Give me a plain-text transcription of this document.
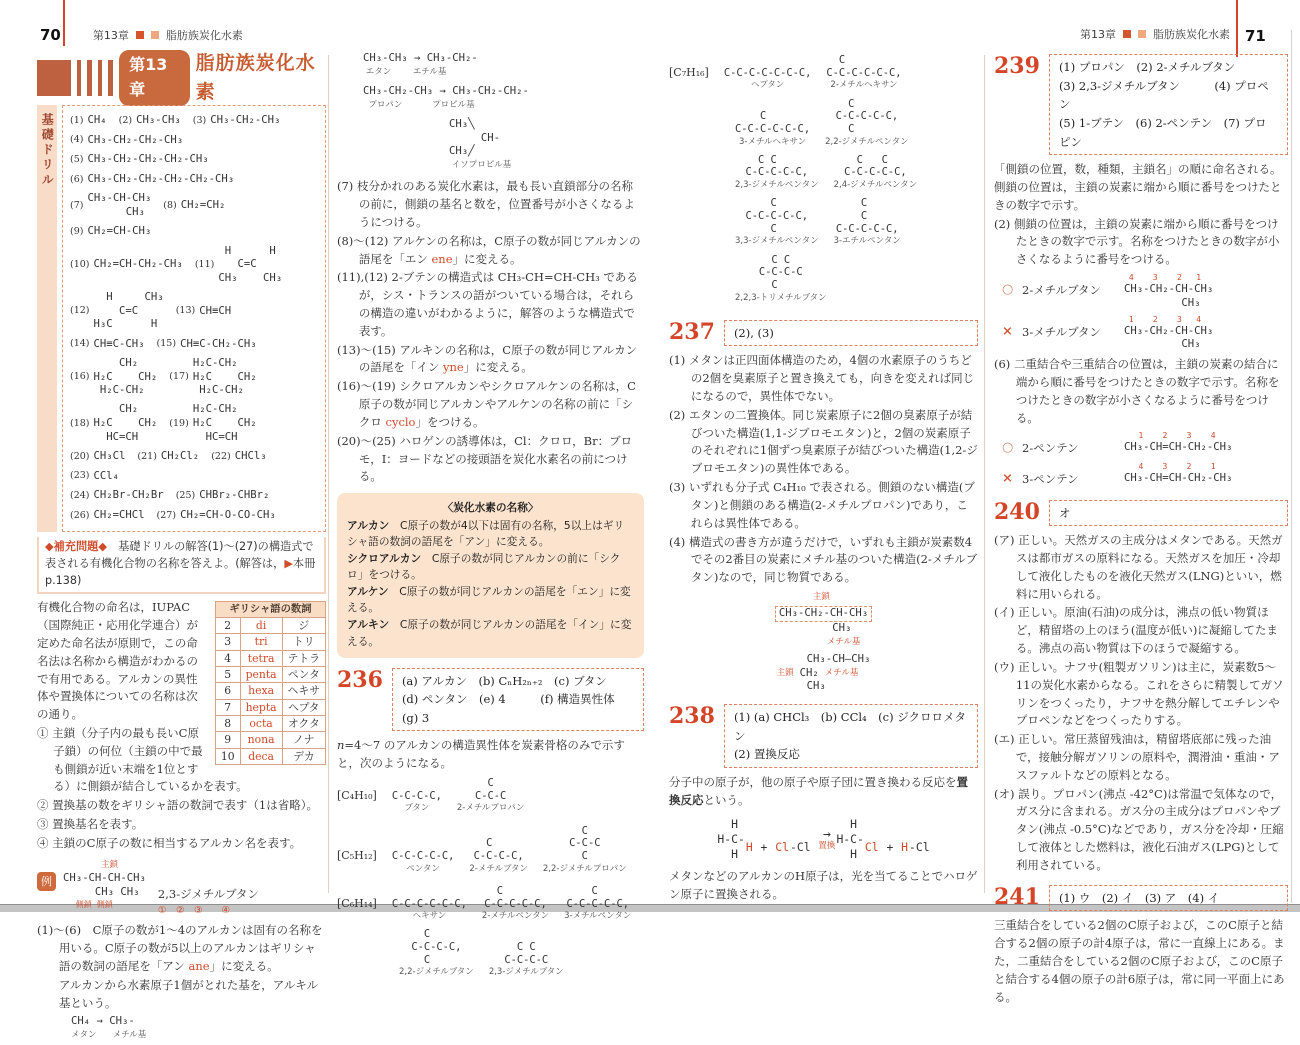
70	第13章	脂肪族炭化水素	第13章	脂肪族炭化水素 71
第13章
脂肪族炭化水素
基礎ドリル (1) CH₄ (2) CH₃-CH₃ (3) CH₃-CH₂-CH₃
(4) CH₃-CH₂-CH₂-CH₃
(5) CH₃-CH₂-CH₂-CH₂-CH₃
(6) CH₃-CH₂-CH₂-CH₂-CH₂-CH₃
(7)
CH₃-CH-CH₃
CH₃
(8) CH₂=CH₂
(9) CH₂=CH-CH₃
(10) CH₂=CH-CH₂-CH₃ (11)
H      H
C=C
CH₃    CH₃
(12)
H     CH₃
C=C
H₃C      H
(13) CH≡CH
(14) CH≡C-CH₃ (15) CH≡C-CH₂-CH₃
(16)
CH₂
H₂C    CH₂
H₂C-CH₂
(17)
H₂C-CH₂
H₂C    CH₂
H₂C-CH₂
(18)
CH₂
H₂C    CH₂
HC=CH
(19)
H₂C-CH₂
H₂C    CH₂
HC=CH
(20) CH₃Cl (21) CH₂Cl₂ (22) CHCl₃
(23) CCl₄
(24) CH₂Br-CH₂Br (25) CHBr₂-CHBr₂
(26) CH₂=CHCl (27) CH₂=CH-O-CO-CH₃
◆補充問題◆　基礎ドリルの解答(1)～(27)の構造式で表される有機化合物の名称を答えよ。(解答は，▶本冊 p.138)
ギリシャ語の数詞		
2	di	ジ
3	tri	トリ
4	tetra	テトラ
5	penta	ペンタ
6	hexa	ヘキサ
7	hepta	ヘプタ
8	octa	オクタ
9	nona	ノナ
10	deca	デカ
有機化合物の命名は，IUPAC（国際純正・応用化学連合）が定めた命名法が原則で，この命名法は名称から構造がわかるので有用である。アルカンの異性体や置換体についての名称は次の通り。
① 主鎖（分子内の最も長いC原子鎖）の何位（主鎖の中で最も側鎖が近い末端を1位とする）に側鎖が結合しているかを表す。
② 置換基の数をギリシャ語の数詞で表す（1は省略）。
③ 置換基名を表す。
④ 主鎖のC原子の数に相当するアルカン名を表す。
例
主鎖
CH₃-CH-CH-CH₃
CH₃ CH₃
側鎖  側鎖
2,3-ジメチルブタン
①　②　③　　④
(1)～(6)　C原子の数が1～4のアルカンは固有の名称を用いる。C原子の数が5以上のアルカンはギリシャ語の数詞の語尾を「アン ane」に変える。
アルカンから水素原子1個がとれた基を，アルキル基という。
CH₄ → CH₃-
メタン      メチル基
CH₃-CH₃ → CH₃-CH₂-
エタン        エチル基
CH₃-CH₂-CH₃ → CH₃-CH₂-CH₂-
プロパン           プロピル基
CH₃╲
CH-
CH₃╱
イソプロピル基
(7) 枝分かれのある炭化水素は，最も長い直鎖部分の名称の前に，側鎖の基名と数を，位置番号が小さくなるようにつける。
(8)～(12) アルケンの名称は，C原子の数が同じアルカンの語尾を「エン ene」に変える。
(11),(12) 2-ブテンの構造式は CH₃-CH=CH-CH₃ であるが，シス・トランスの語がついている場合は，それらの構造の違いがわかるように，解答のような構造式で表す。
(13)～(15) アルキンの名称は，C原子の数が同じアルカンの語尾を「イン yne」に変える。
(16)～(19) シクロアルカンやシクロアルケンの名称は，C原子の数が同じアルカンやアルケンの名称の前に「シクロ cyclo」をつける。
(20)～(25) ハロゲンの誘導体は，Cl：クロロ，Br：ブロモ，I：ヨードなどの接頭語を炭化水素名の前につける。
〈炭化水素の名称〉
アルカン　C原子の数が4以下は固有の名称，5以上はギリシャ語の数詞の語尾を「アン」に変える。
シクロアルカン　C原子の数が同じアルカンの前に「シクロ」をつける。
アルケン　C原子の数が同じアルカンの語尾を「エン」に変える。
アルキン　C原子の数が同じアルカンの語尾を「イン」に変える。
236	(a) アルカン　(b) CₙH₂ₙ₊₂　(c) ブタン
(d) ペンタン　(e) 4　　　(f) 構造異性体
(g) 3
n=4～7 のアルカンの構造異性体を炭素骨格のみで示すと，次のようになる。
[C₄H₁₀]
C-C-C-C,
ブタン
C
C-C-C
2-メチルプロパン
[C₅H₁₂]
C-C-C-C-C,
ペンタン
C
C-C-C-C,
2-メチルブタン
C
C-C-C
C
2,2-ジメチルプロパン
[C₆H₁₄]
C-C-C-C-C-C,
ヘキサン
C
C-C-C-C-C,
2-メチルペンタン
C
C-C-C-C-C,
3-メチルペンタン
C
C-C-C-C,
C
2,2-ジメチルブタン
C C
C-C-C-C
2,3-ジメチルブタン
[C₇H₁₆]
C-C-C-C-C-C-C,
ヘプタン
C
C-C-C-C-C-C,
2-メチルヘキサン
C
C-C-C-C-C-C,
3-メチルヘキサン
C
C-C-C-C-C,
C
2,2-ジメチルペンタン
C C
C-C-C-C-C,
2,3-ジメチルペンタン
C   C
C-C-C-C-C,
2,4-ジメチルペンタン
C
C-C-C-C-C,
C
3,3-ジメチルペンタン
C
C
C-C-C-C-C,
3-エチルペンタン
C C
C-C-C-C
C
2,2,3-トリメチルブタン
237	(2), (3)
(1) メタンは正四面体構造のため，4個の水素原子のうちどの2個を臭素原子と置き換えても，向きを変えれば同じになるので，異性体でない。
(2) エタンの二置換体。同じ炭素原子に2個の臭素原子が結びついた構造(1,1-ジブロモエタン)と，2個の炭素原子のそれぞれに1個ずつ臭素原子が結びついた構造(1,2-ジブロモエタン)の異性体である。
(3) いずれも分子式 C₄H₁₀ で表される。側鎖のない構造(ブタン)と側鎖のある構造(2-メチルプロパン)であり，これらは異性体である。
(4) 構造式の書き方が違うだけで，いずれも主鎖が炭素数4でその2番目の炭素にメチル基のついた構造(2-メチルブタン)なので，同じ物質である。
主鎖
CH₃-CH₂-CH-CH₃
CH₃
メチル基
CH₃-CH—CH₃
主鎖 CH₂ メチル基
CH₃
238	(1) (a) CHCl₃　(b) CCl₄　(c) ジクロロメタン
(2) 置換反応
分子中の原子が，他の原子や原子団に置き換わる反応を置換反応という。
H
H-C-
H

H
+
Cl
-Cl

→
置換
H
H-C-
H

Cl
+
H
-Cl

メタンなどのアルカンのH原子は，光を当てることでハロゲン原子に置換される。
239	(1) プロパン　(2) 2-メチルブタン
(3) 2,3-ジメチルブタン　　　(4) プロペン
(5) 1-ブテン　(6) 2-ペンテン　(7) プロピン
「側鎖の位置，数，種類，主鎖名」の順に命名される。側鎖の位置は，主鎖の炭素に端から順に番号をつけたときの数字で示す。
(2) 側鎖の位置は，主鎖の炭素に端から順に番号をつけたときの数字で示す。名称をつけたときの数字が小さくなるように番号をつける。
○ 2-メチルブタン
4    3    2   1
CH₃-CH₂-CH-CH₃
CH₃
× 3-メチルブタン
1    2    3   4
CH₃-CH₂-CH-CH₃
CH₃
(6) 二重結合や三重結合の位置は，主鎖の炭素の結合に端から順に番号をつけたときの数字で示す。名称をつけたときの数字が小さくなるように番号をつける。
○ 2-ペンテン
1    2    3    4
CH₃-CH=CH-CH₂-CH₃
× 3-ペンテン
4    3    2    1
CH₃-CH=CH-CH₂-CH₃
240	オ
(ア) 正しい。天然ガスの主成分はメタンである。天然ガスは都市ガスの原料になる。天然ガスを加圧・冷却して液化したものを液化天然ガス(LNG)といい，燃料に用いられる。
(イ) 正しい。原油(石油)の成分は，沸点の低い物質ほど，精留塔の上のほう(温度が低い)に凝縮してたまる。沸点の高い物質は下のほうで凝縮する。
(ウ) 正しい。ナフサ(粗製ガソリン)は主に，炭素数5～11の炭化水素からなる。これをさらに精製してガソリンをつくったり，ナフサを熱分解してエチレンやプロペンなどをつくったりする。
(エ) 正しい。常圧蒸留残油は，精留塔底部に残った油で，接触分解ガソリンの原料や，潤滑油・重油・アスファルトなどの原料となる。
(オ) 誤り。プロパン(沸点 -42°C)は常温で気体なので，ガス分に含まれる。ガス分の主成分はプロパンやブタン(沸点 -0.5°C)などであり，ガス分を冷却・圧縮して液体とした燃料は，液化石油ガス(LPG)として利用されている。
241	(1) ウ　(2) イ　(3) ア　(4) イ
三重結合をしている2個のC原子および，このC原子と結合する2個の原子の計4原子は，常に一直線上にある。また，二重結合をしている2個のC原子および，このC原子と結合する4個の原子の計6原子は，常に同一平面上にある。
